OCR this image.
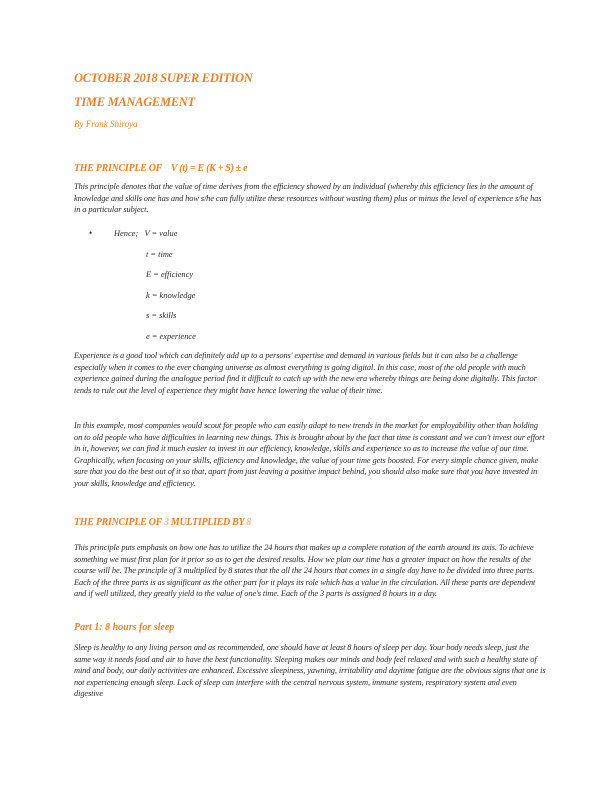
OCTOBER 2018 SUPER EDITION

TIME MANAGEMENT

By Frank Shiroya

THE PRINCIPLE OF V (t) = E (K + S) ± e

This principle denotes that the value of time derives from the efficiency showed by an individual (whereby this efficiency lies in the amount of knowledge and skills one has and how s/he can fully utilize these resources without wasting them) plus or minus the level of experience s/he has in a particular subject.

•	Hence; V = value
t = time
E = efficiency
k = knowledge
s = skills
e = experience

Experience is a good tool which can definitely add up to a persons' expertise and demand in various fields but it can also be a challenge especially when it comes to the ever changing universe as almost everything is going digital. In this case, most of the old people with much experience gained during the analogue period find it difficult to catch up with the new era whereby things are being done digitally. This factor tends to rule out the level of experience they might have hence lowering the value of their time.

In this example, most companies would scout for people who can easily adapt to new trends in the market for employability other than holding on to old people who have difficulties in learning new things. This is brought about by the fact that time is constant and we can't invest our effort in it, however, we can find it much easier to invest in our efficiency, knowledge, skills and experience so as to increase the value of our time. Graphically, when focusing on your skills, efficiency and knowledge, the value of your time gets boosted. For every simple chance given, make sure that you do the best out of it so that, apart from just leaving a positive impact behind, you should also make sure that you have invested in your skills, knowledge and efficiency.

THE PRINCIPLE OF 3 MULTIPLIED BY 8

This principle puts emphasis on how one has to utilize the 24 hours that makes up a complete rotation of the earth around its axis. To achieve something we must first plan for it prior so as to get the desired results. How we plan our time has a greater impact on how the results of the course will be. The principle of 3 multiplied by 8 states that the all the 24 hours that comes in a single day have to be divided into three parts. Each of the three parts is as significant as the other part for it plays its role which has a value in the circulation. All these parts are dependent and if well utilized, they greatly yield to the value of one's time. Each of the 3 parts is assigned 8 hours in a day.

Part 1: 8 hours for sleep

Sleep is healthy to any living person and as recommended, one should have at least 8 hours of sleep per day. Your body needs sleep, just the same way it needs food and air to have the best functionality. Sleeping makes our minds and body feel relaxed and with such a healthy state of mind and body, our daily activities are enhanced. Excessive sleepiness, yawning, irritability and daytime fatigue are the obvious signs that one is not experiencing enough sleep. Lack of sleep can interfere with the central nervous system, immune system, respiratory system and even digestive
